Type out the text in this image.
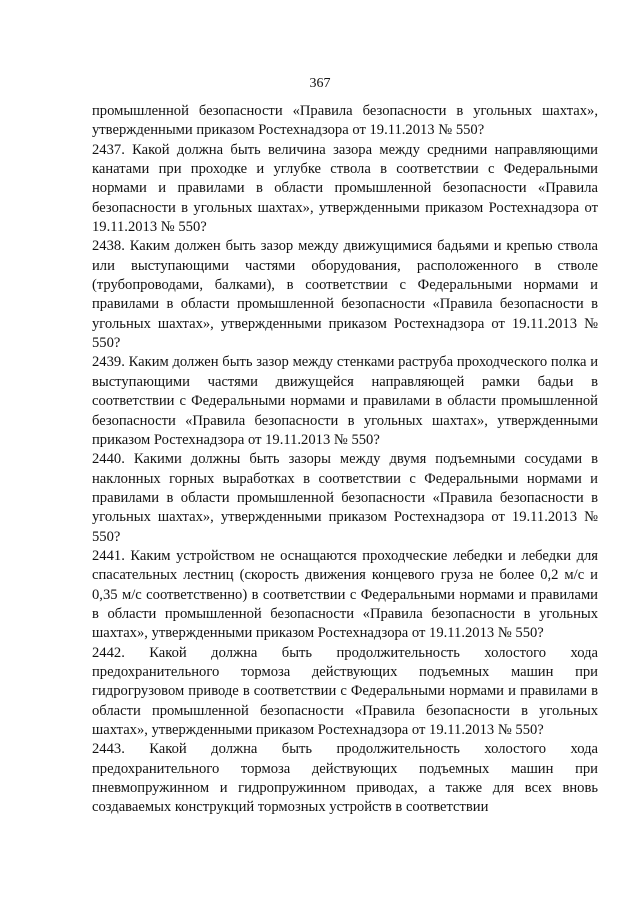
367

промышленной безопасности «Правила безопасности в угольных шахтах», утвержденными приказом Ростехнадзора от 19.11.2013 № 550?

2437. Какой должна быть величина зазора между средними направляющими канатами при проходке и углубке ствола в соответствии с Федеральными нормами и правилами в области промышленной безопасности «Правила безопасности в угольных шахтах», утвержденными приказом Ростехнадзора от 19.11.2013 № 550?

2438. Каким должен быть зазор между движущимися бадьями и крепью ствола или выступающими частями оборудования, расположенного в стволе (трубопроводами, балками), в соответствии с Федеральными нормами и правилами в области промышленной безопасности «Правила безопасности в угольных шахтах», утвержденными приказом Ростехнадзора от 19.11.2013 № 550?

2439. Каким должен быть зазор между стенками раструба проходческого полка и выступающими частями движущейся направляющей рамки бадьи в соответствии с Федеральными нормами и правилами в области промышленной безопасности «Правила безопасности в угольных шахтах», утвержденными приказом Ростехнадзора от 19.11.2013 № 550?

2440. Какими должны быть зазоры между двумя подъемными сосудами в наклонных горных выработках в соответствии с Федеральными нормами и правилами в области промышленной безопасности «Правила безопасности в угольных шахтах», утвержденными приказом Ростехнадзора от 19.11.2013 № 550?

2441. Каким устройством не оснащаются проходческие лебедки и лебедки для спасательных лестниц (скорость движения концевого груза не более 0,2 м/с и 0,35 м/с соответственно) в соответствии с Федеральными нормами и правилами в области промышленной безопасности «Правила безопасности в угольных шахтах», утвержденными приказом Ростехнадзора от 19.11.2013 № 550?

2442. Какой должна быть продолжительность холостого хода предохранительного тормоза действующих подъемных машин при гидрогрузовом приводе в соответствии с Федеральными нормами и правилами в области промышленной безопасности «Правила безопасности в угольных шахтах», утвержденными приказом Ростехнадзора от 19.11.2013 № 550?

2443. Какой должна быть продолжительность холостого хода предохранительного тормоза действующих подъемных машин при пневмопружинном и гидропружинном приводах, а также для всех вновь создаваемых конструкций тормозных устройств в соответствии
